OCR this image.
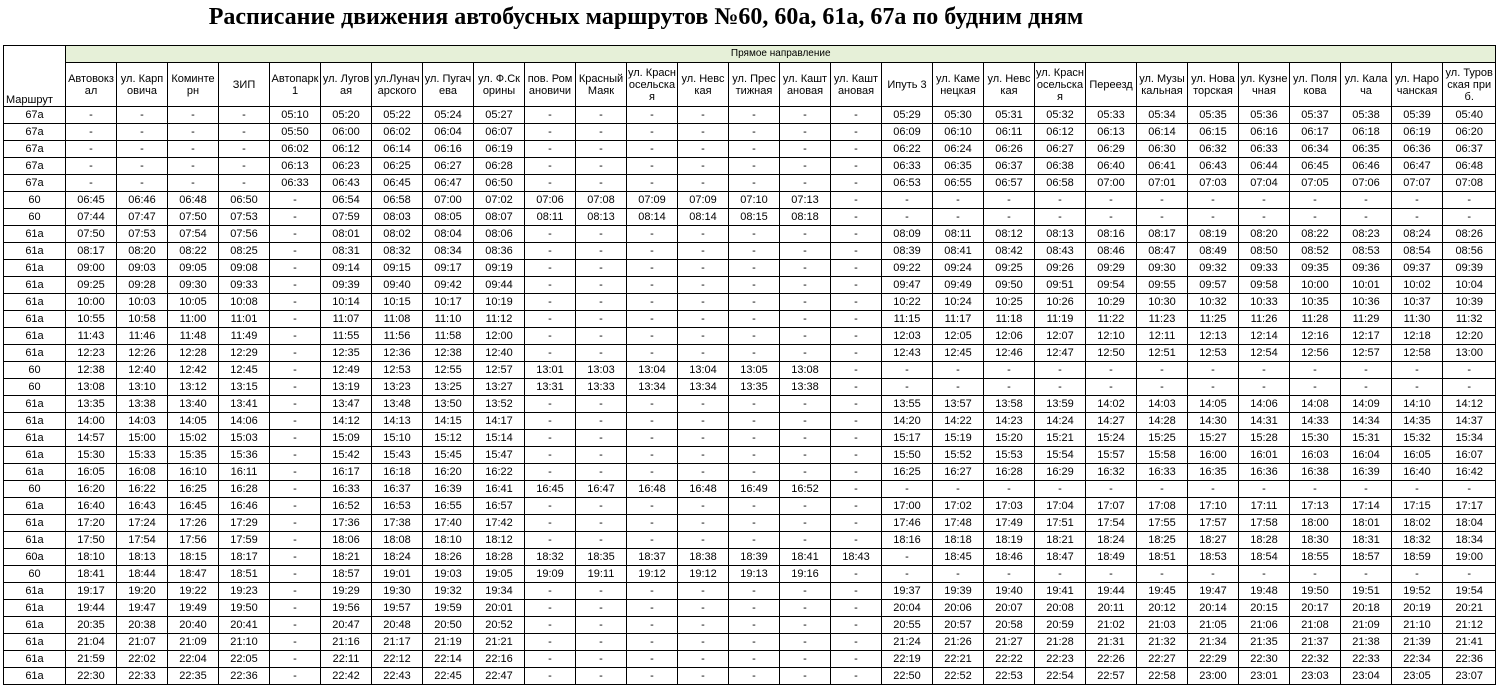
Расписание движения автобусных маршрутов №60, 60а, 61а, 67а по будним дням
Маршрут	Прямое направление																											
	Автовокзал	ул. Карповича	Коминтерн	ЗИП	Автопарк 1	ул. Луговая	ул.Луначарского	ул. Пугачева	ул. Ф.Скорины	пов. Романовичи	Красный Маяк	ул. Красносельская	ул. Невская	ул. Престижная	ул. Каштановая	ул. Каштановая	Ипуть 3	ул. Каменецкая	ул. Невская	ул. Красносельская	Переезд	ул. Музыкальная	ул. Новаторская	ул. Кузнечная	ул. Полякова	ул. Калача	ул. Нарочанская	ул. Туровская приб.
67а	-	-	-	-	05:10	05:20	05:22	05:24	05:27	-	-	-	-	-	-	-	05:29	05:30	05:31	05:32	05:33	05:34	05:35	05:36	05:37	05:38	05:39	05:40
67а	-	-	-	-	05:50	06:00	06:02	06:04	06:07	-	-	-	-	-	-	-	06:09	06:10	06:11	06:12	06:13	06:14	06:15	06:16	06:17	06:18	06:19	06:20
67а	-	-	-	-	06:02	06:12	06:14	06:16	06:19	-	-	-	-	-	-	-	06:22	06:24	06:26	06:27	06:29	06:30	06:32	06:33	06:34	06:35	06:36	06:37
67а	-	-	-	-	06:13	06:23	06:25	06:27	06:28	-	-	-	-	-	-	-	06:33	06:35	06:37	06:38	06:40	06:41	06:43	06:44	06:45	06:46	06:47	06:48
67а	-	-	-	-	06:33	06:43	06:45	06:47	06:50	-	-	-	-	-	-	-	06:53	06:55	06:57	06:58	07:00	07:01	07:03	07:04	07:05	07:06	07:07	07:08
60	06:45	06:46	06:48	06:50	-	06:54	06:58	07:00	07:02	07:06	07:08	07:09	07:09	07:10	07:13	-	-	-	-	-	-	-	-	-	-	-	-	-
60	07:44	07:47	07:50	07:53	-	07:59	08:03	08:05	08:07	08:11	08:13	08:14	08:14	08:15	08:18	-	-	-	-	-	-	-	-	-	-	-	-	-
61а	07:50	07:53	07:54	07:56	-	08:01	08:02	08:04	08:06	-	-	-	-	-	-	-	08:09	08:11	08:12	08:13	08:16	08:17	08:19	08:20	08:22	08:23	08:24	08:26
61а	08:17	08:20	08:22	08:25	-	08:31	08:32	08:34	08:36	-	-	-	-	-	-	-	08:39	08:41	08:42	08:43	08:46	08:47	08:49	08:50	08:52	08:53	08:54	08:56
61а	09:00	09:03	09:05	09:08	-	09:14	09:15	09:17	09:19	-	-	-	-	-	-	-	09:22	09:24	09:25	09:26	09:29	09:30	09:32	09:33	09:35	09:36	09:37	09:39
61а	09:25	09:28	09:30	09:33	-	09:39	09:40	09:42	09:44	-	-	-	-	-	-	-	09:47	09:49	09:50	09:51	09:54	09:55	09:57	09:58	10:00	10:01	10:02	10:04
61а	10:00	10:03	10:05	10:08	-	10:14	10:15	10:17	10:19	-	-	-	-	-	-	-	10:22	10:24	10:25	10:26	10:29	10:30	10:32	10:33	10:35	10:36	10:37	10:39
61а	10:55	10:58	11:00	11:01	-	11:07	11:08	11:10	11:12	-	-	-	-	-	-	-	11:15	11:17	11:18	11:19	11:22	11:23	11:25	11:26	11:28	11:29	11:30	11:32
61а	11:43	11:46	11:48	11:49	-	11:55	11:56	11:58	12:00	-	-	-	-	-	-	-	12:03	12:05	12:06	12:07	12:10	12:11	12:13	12:14	12:16	12:17	12:18	12:20
61а	12:23	12:26	12:28	12:29	-	12:35	12:36	12:38	12:40	-	-	-	-	-	-	-	12:43	12:45	12:46	12:47	12:50	12:51	12:53	12:54	12:56	12:57	12:58	13:00
60	12:38	12:40	12:42	12:45	-	12:49	12:53	12:55	12:57	13:01	13:03	13:04	13:04	13:05	13:08	-	-	-	-	-	-	-	-	-	-	-	-	-
60	13:08	13:10	13:12	13:15	-	13:19	13:23	13:25	13:27	13:31	13:33	13:34	13:34	13:35	13:38	-	-	-	-	-	-	-	-	-	-	-	-	-
61а	13:35	13:38	13:40	13:41	-	13:47	13:48	13:50	13:52	-	-	-	-	-	-	-	13:55	13:57	13:58	13:59	14:02	14:03	14:05	14:06	14:08	14:09	14:10	14:12
61а	14:00	14:03	14:05	14:06	-	14:12	14:13	14:15	14:17	-	-	-	-	-	-	-	14:20	14:22	14:23	14:24	14:27	14:28	14:30	14:31	14:33	14:34	14:35	14:37
61а	14:57	15:00	15:02	15:03	-	15:09	15:10	15:12	15:14	-	-	-	-	-	-	-	15:17	15:19	15:20	15:21	15:24	15:25	15:27	15:28	15:30	15:31	15:32	15:34
61а	15:30	15:33	15:35	15:36	-	15:42	15:43	15:45	15:47	-	-	-	-	-	-	-	15:50	15:52	15:53	15:54	15:57	15:58	16:00	16:01	16:03	16:04	16:05	16:07
61а	16:05	16:08	16:10	16:11	-	16:17	16:18	16:20	16:22	-	-	-	-	-	-	-	16:25	16:27	16:28	16:29	16:32	16:33	16:35	16:36	16:38	16:39	16:40	16:42
60	16:20	16:22	16:25	16:28	-	16:33	16:37	16:39	16:41	16:45	16:47	16:48	16:48	16:49	16:52	-	-	-	-	-	-	-	-	-	-	-	-	-
61а	16:40	16:43	16:45	16:46	-	16:52	16:53	16:55	16:57	-	-	-	-	-	-	-	17:00	17:02	17:03	17:04	17:07	17:08	17:10	17:11	17:13	17:14	17:15	17:17
61а	17:20	17:24	17:26	17:29	-	17:36	17:38	17:40	17:42	-	-	-	-	-	-	-	17:46	17:48	17:49	17:51	17:54	17:55	17:57	17:58	18:00	18:01	18:02	18:04
61а	17:50	17:54	17:56	17:59	-	18:06	18:08	18:10	18:12	-	-	-	-	-	-	-	18:16	18:18	18:19	18:21	18:24	18:25	18:27	18:28	18:30	18:31	18:32	18:34
60а	18:10	18:13	18:15	18:17	-	18:21	18:24	18:26	18:28	18:32	18:35	18:37	18:38	18:39	18:41	18:43	-	18:45	18:46	18:47	18:49	18:51	18:53	18:54	18:55	18:57	18:59	19:00
60	18:41	18:44	18:47	18:51	-	18:57	19:01	19:03	19:05	19:09	19:11	19:12	19:12	19:13	19:16	-	-	-	-	-	-	-	-	-	-	-	-	-
61а	19:17	19:20	19:22	19:23	-	19:29	19:30	19:32	19:34	-	-	-	-	-	-	-	19:37	19:39	19:40	19:41	19:44	19:45	19:47	19:48	19:50	19:51	19:52	19:54
61а	19:44	19:47	19:49	19:50	-	19:56	19:57	19:59	20:01	-	-	-	-	-	-	-	20:04	20:06	20:07	20:08	20:11	20:12	20:14	20:15	20:17	20:18	20:19	20:21
61а	20:35	20:38	20:40	20:41	-	20:47	20:48	20:50	20:52	-	-	-	-	-	-	-	20:55	20:57	20:58	20:59	21:02	21:03	21:05	21:06	21:08	21:09	21:10	21:12
61а	21:04	21:07	21:09	21:10	-	21:16	21:17	21:19	21:21	-	-	-	-	-	-	-	21:24	21:26	21:27	21:28	21:31	21:32	21:34	21:35	21:37	21:38	21:39	21:41
61а	21:59	22:02	22:04	22:05	-	22:11	22:12	22:14	22:16	-	-	-	-	-	-	-	22:19	22:21	22:22	22:23	22:26	22:27	22:29	22:30	22:32	22:33	22:34	22:36
61а	22:30	22:33	22:35	22:36	-	22:42	22:43	22:45	22:47	-	-	-	-	-	-	-	22:50	22:52	22:53	22:54	22:57	22:58	23:00	23:01	23:03	23:04	23:05	23:07
